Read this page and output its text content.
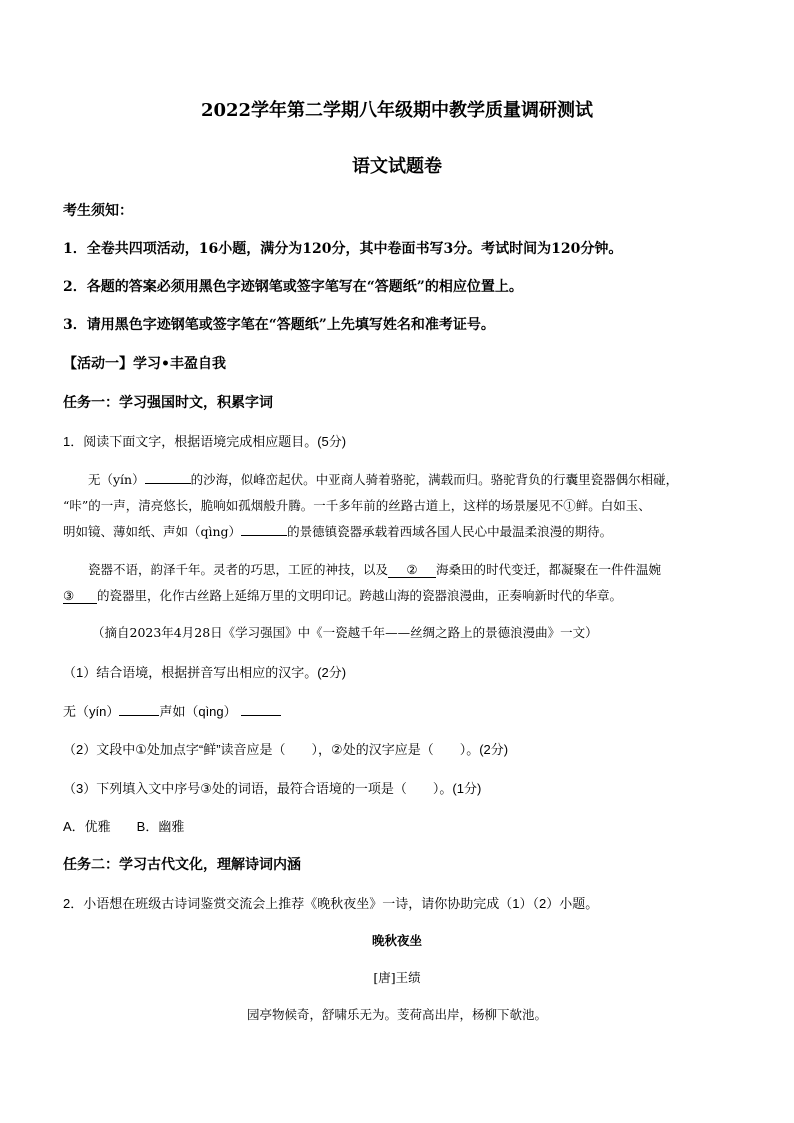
2022学年第二学期八年级期中教学质量调研测试
语文试题卷
考生须知：
1．全卷共四项活动，16小题，满分为120分，其中卷面书写3分。考试时间为120分钟。
2．各题的答案必须用黑色字迹钢笔或签字笔写在“答题纸”的相应位置上。
3．请用黑色字迹钢笔或签字笔在“答题纸”上先填写姓名和准考证号。
【活动一】学习•丰盈自我
任务一：学习强国时文，积累字词
1．阅读下面文字，根据语境完成相应题目。(5分)
无（yín）	的沙海，似峰峦起伏。中亚商人骑着骆驼，满载而归。骆驼背负的行囊里瓷器偶尔相碰，
“咔”的一声，清亮悠长，脆响如孤烟般升腾。一千多年前的丝路古道上，这样的场景屡见不①鲜。白如玉、
明如镜、薄如纸、声如（qìng）	的景德镇瓷器承载着西域各国人民心中最温柔浪漫的期待。
瓷器不语，韵泽千年。灵者的巧思，工匠的神技，以及 ② 海桑田的时代变迁，都凝聚在一件件温婉
③ 的瓷器里，化作古丝路上延绵万里的文明印记。跨越山海的瓷器浪漫曲，正奏响新时代的华章。
（摘自2023年4月28日《学习强国》中《一瓷越千年——丝绸之路上的景德浪漫曲》一文）
（1）结合语境，根据拼音写出相应的汉字。(2分)
无（yín）	声如（qìng）
（2）文段中①处加点字“鲜”读音应是（　　），②处的汉字应是（　　）。(2分)
（3）下列填入文中序号③处的词语，最符合语境的一项是（　　）。(1分)
A．优雅　　B．幽雅
任务二：学习古代文化，理解诗词内涵
2．小语想在班级古诗词鉴赏交流会上推荐《晚秋夜坐》一诗，请你协助完成（1）（2）小题。
晚秋夜坐
[唐]王绩
园亭物候奇，舒啸乐无为。芰荷高出岸，杨柳下欹池。
